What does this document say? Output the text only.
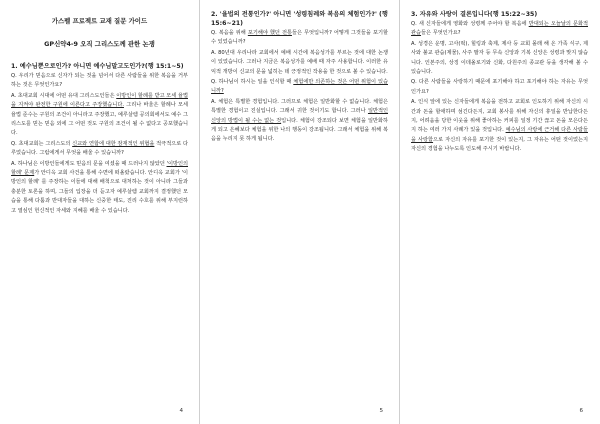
가스펠 프로젝트 교재 질문 가이드
GP신약4-9 오직 그리스도께 관한 논쟁
1. 예수님뿐으로인가? 아니면 예수님말고도인가?(행 15:1~5)
Q. 우리가 믿음으로 신자가 되는 것을 넘어서 다른 사람들을 위한 복음을 거부하는 것은 무엇인가요?
A. 초대교회 시대에 어떤 유대 그리스도인들은 이방인이 할례를 받고 모세 율법을 지켜야 완전한 구원에 이른다고 주장했습니다. 그리나 바울은 할례나 모세 율법 준수는 구원의 조건이 아니라고 주장했고, 예루살렘 공의회에서도 예수 그리스도를 믿는 믿음 외에 그 어떤 것도 구원의 조건이 될 수 없다고 공포했습니다.
Q. 초대교회는 그리스도의 신교와 연합에 대한 잠재적인 위협을 적극적으로 다루었습니다. 그럼에게서 무엇을 배울 수 있습니까?
A. 하나님은 이방인들에게도 믿음의 문을 여셨을 때 드러나지 않았던 '이방인의 할례' 문제가 안디옥 교회 사건을 통해 수면에 떠올랐습니다. 안디옥 교회가 '이방인의 할례' 를 주장하는 이들에 대해 배척으로 대처하는 것이 아니라 그들과 충분한 토론을 하며, 그들의 입장을 더 듣고자 예루살렘 교회까지 결정했던 모습을 통해 다툼과 반대자들을 대하는 신중한 태도, 진리 수호를 위해 부지런하고 열심인 헌신적인 자세와 지혜를 배울 수 있습니다.
4
2. '율법의 전통인가?' 아니면 '성령침례와 복음의 체험인가?' (행 15:6~21)
Q. 복음을 위해 포기해야 했던 전통들은 무엇입니까? 어떻게 그것들을 포기할 수 있었습니까?
A. 80년대 우리나라 교회에서 예배 시간에 복음성가를 부르는 것에 대한 논쟁이 있었습니다. 그러나 지금은 복음성가를 예배 때 자주 사용합니다. 이러한 유익적 개방이 신교의 문을 넓히는 데 긍정적인 작용을 한 것으로 볼 수 있습니다.
Q. 하나님이 하시는 일을 인식할 때 체험에만 의존하는 것은 어떤 위험이 있습니까?
A. 체험은 특별한 경험입니다. 그러므로 체험은 일반화할 수 없습니다. 체험은 특별한 경험이고 진실입니다. 그래서 귀한 것이기도 합니다. 그러나 일반적인 신앙의 방법이 될 수는 없는 것입니다. 체험이 강조되다 보면 체험을 일반화하게 되고 은혜보다 체험을 위한 나의 행동이 강조됩니다. 그래서 체험을 위해 복음을 누리지 못 하게 됩니다.
5
3. 자유와 사랑이 결론입니다(행 15:22~35)
Q. 새 신자들에게 영화와 성령께 주어야 할 복음에 반대되는 오늘날의 문화적 관습들은 무엇인가요?
A. 성경은 운명, 고사(떡), 힐링과 축제, 제사 등 교회 몰래 해 온 가족 식구, 제사와 불교 관습(제물), 사주 팔자 등 무속 신앙과 기복 신앙은 성령과 맞지 않습니다. 인본주의, 상징 이데올로기와 신화, 다원주의 종교관 등을 생각해 볼 수 있습니다.
Q. 다른 사람들을 사랑하기 때문에 포기해야 하고 포기해야 하는 자유는 무엇인가요?
A. 인식 앞에 있는 신자들에게 복음을 전하고 교회로 인도하기 위해 자신의 시간과 돈을 할애하며 섬긴다든지, 교회 봉사를 위해 자신의 휴일을 반납한다든지, 어려움을 당한 이웃을 위해 좋아하는 커피를 일정 기간 끊고 돈을 모은다든지 하는 여러 가지 사례가 있을 것입니다. 예수님의 사랑에 근거해 다른 사람들을 사랑함으로 자신의 자유를 포기한 것이 있는지, 그 자유는 어떤 것이었는지 자신의 경험을 나누도록 인도해 주시기 바랍니다.
6
